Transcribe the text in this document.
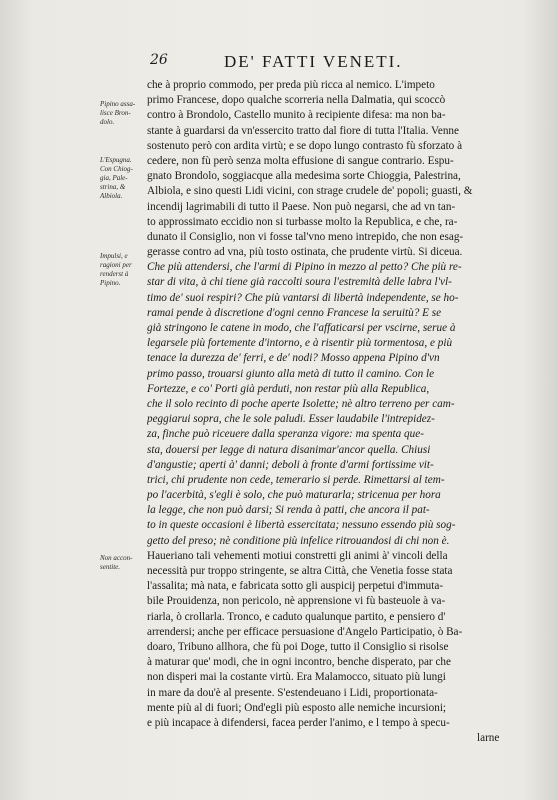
26	DE' FATTI VENETI.
Pipino assa-
lisce Bron-
dolo.
L'Espugna.
Con Chiog-
gia, Pale-
strina, &
Albiola.
Impulsi, e
ragioni per
renderst à
Pipino.
Non accon-
sentite.
che à proprio commodo, per preda più ricca al nemico. L'impeto
primo Francese, dopo qualche scorreria nella Dalmatia, qui scoccò
contro à Brondolo, Castello munito à recipiente difesa: ma non ba-
stante à guardarsi da vn'essercito tratto dal fiore di tutta l'Italia. Venne
sostenuto però con ardita virtù; e se dopo lungo contrasto fù sforzato à
cedere, non fù però senza molta effusione di sangue contrario. Espu-
gnato Brondolo, soggiacque alla medesima sorte Chioggia, Palestrina,
Albiola, e sino questi Lidi vicini, con strage crudele de' popoli; guasti, &
incendij lagrimabili di tutto il Paese. Non può negarsi, che ad vn tan-
to approssimato eccidio non si turbasse molto la Republica, e che, ra-
dunato il Consiglio, non vi fosse tal'vno meno intrepido, che non esag-
gerasse contro ad vna, più tosto ostinata, che prudente virtù. Si diceua.
Che più attendersi, che l'armi di Pipino in mezzo al petto? Che più re-
star di vita, à chi tiene già raccolti soura l'estremità delle labra l'vl-
timo de' suoi respiri? Che più vantarsi di libertà independente, se ho-
ramai pende à discretione d'ogni cenno Francese la seruitù? E se
già stringono le catene in modo, che l'affaticarsi per vscirne, serue à
legarsele più fortemente d'intorno, e à risentir più tormentosa, e più
tenace la durezza de' ferri, e de' nodi? Mosso appena Pipino d'vn
primo passo, trouarsi giunto alla metà di tutto il camino. Con le
Fortezze, e co' Porti già perduti, non restar più alla Republica,
che il solo recinto di poche aperte Isolette; nè altro terreno per cam-
peggiarui sopra, che le sole paludi. Esser laudabile l'intrepidez-
za, finche può riceuere dalla speranza vigore: ma spenta que-
sta, douersi per legge di natura disanimar'ancor quella. Chiusi
d'angustie; aperti à' danni; deboli à fronte d'armi fortissime vit-
trici, chi prudente non cede, temerario si perde. Rimettarsi al tem-
po l'acerbità, s'egli è solo, che può maturarla; stricenua per hora
la legge, che non può darsi; Si renda à patti, che ancora il pat-
to in queste occasioni è libertà essercitata; nessuno essendo più sog-
getto del preso; nè conditione più infelice ritrouandosi di chi non è.
Haueriano tali vehementi motiui constretti gli animi à' vincoli della
necessità pur troppo stringente, se altra Città, che Venetia fosse stata
l'assalita; mà nata, e fabricata sotto gli auspicij perpetui d'immuta-
bile Prouidenza, non pericolo, nè apprensione vi fù basteuole à va-
riarla, ò crollarla. Tronco, e caduto qualunque partito, e pensiero d'
arrendersi; anche per efficace persuasione d'Angelo Participatio, ò Ba-
doaro, Tribuno allhora, che fù poi Doge, tutto il Consiglio si risolse
à maturar que' modi, che in ogni incontro, benche disperato, par che
non disperi mai la costante virtù. Era Malamocco, situato più lungi
in mare da dou'è al presente. S'estendeuano i Lidi, proportionata-
mente più al di fuori; Ond'egli più esposto alle nemiche incursioni;
e più incapace à difendersi, facea perder l'animo, e l tempo à specu-
larne
